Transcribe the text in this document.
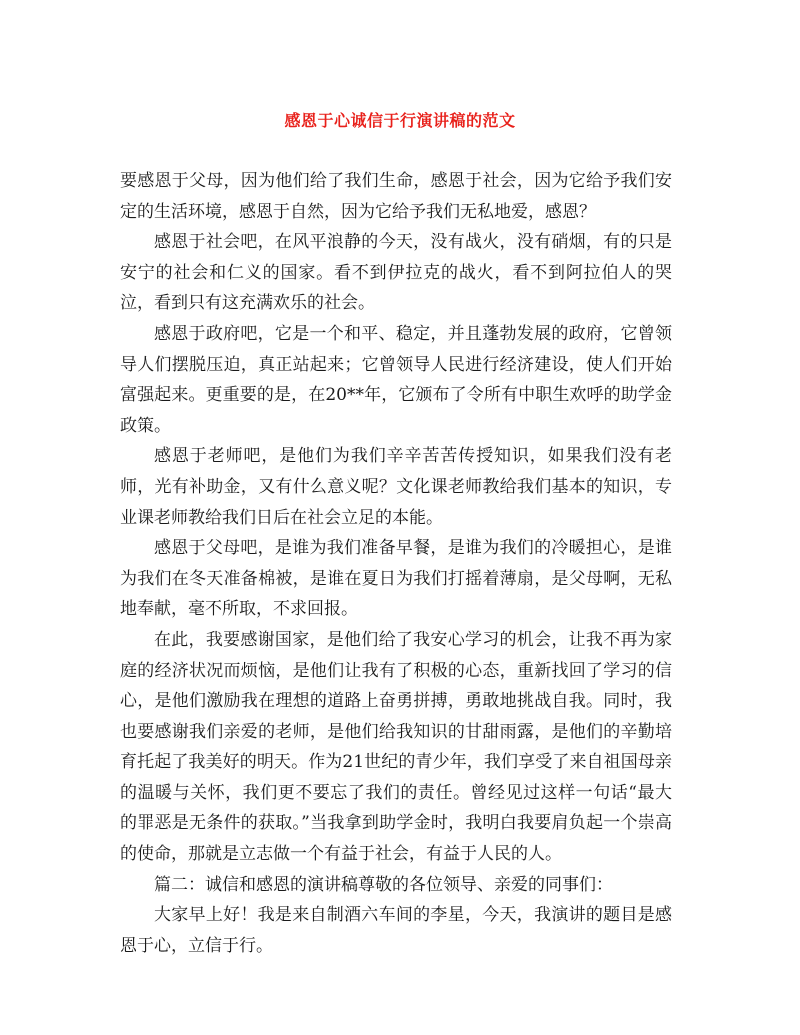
感恩于心诚信于行演讲稿的范文

要感恩于父母，因为他们给了我们生命，感恩于社会，因为它给予我们安定的生活环境，感恩于自然，因为它给予我们无私地爱，感恩？

感恩于社会吧，在风平浪静的今天，没有战火，没有硝烟，有的只是安宁的社会和仁义的国家。看不到伊拉克的战火，看不到阿拉伯人的哭泣，看到只有这充满欢乐的社会。

感恩于政府吧，它是一个和平、稳定，并且蓬勃发展的政府，它曾领导人们摆脱压迫，真正站起来；它曾领导人民进行经济建设，使人们开始富强起来。更重要的是，在20**年，它颁布了令所有中职生欢呼的助学金政策。

感恩于老师吧，是他们为我们辛辛苦苦传授知识，如果我们没有老师，光有补助金，又有什么意义呢？文化课老师教给我们基本的知识，专业课老师教给我们日后在社会立足的本能。

感恩于父母吧，是谁为我们准备早餐，是谁为我们的冷暖担心，是谁为我们在冬天准备棉被，是谁在夏日为我们打摇着薄扇，是父母啊，无私地奉献，毫不所取，不求回报。

在此，我要感谢国家，是他们给了我安心学习的机会，让我不再为家庭的经济状况而烦恼，是他们让我有了积极的心态，重新找回了学习的信心，是他们激励我在理想的道路上奋勇拼搏，勇敢地挑战自我。同时，我也要感谢我们亲爱的老师，是他们给我知识的甘甜雨露，是他们的辛勤培育托起了我美好的明天。作为21世纪的青少年，我们享受了来自祖国母亲的温暖与关怀，我们更不要忘了我们的责任。曾经见过这样一句话“最大的罪恶是无条件的获取。”当我拿到助学金时，我明白我要肩负起一个崇高的使命，那就是立志做一个有益于社会，有益于人民的人。

篇二：诚信和感恩的演讲稿尊敬的各位领导、亲爱的同事们：

大家早上好！我是来自制酒六车间的李星，今天，我演讲的题目是感恩于心，立信于行。
